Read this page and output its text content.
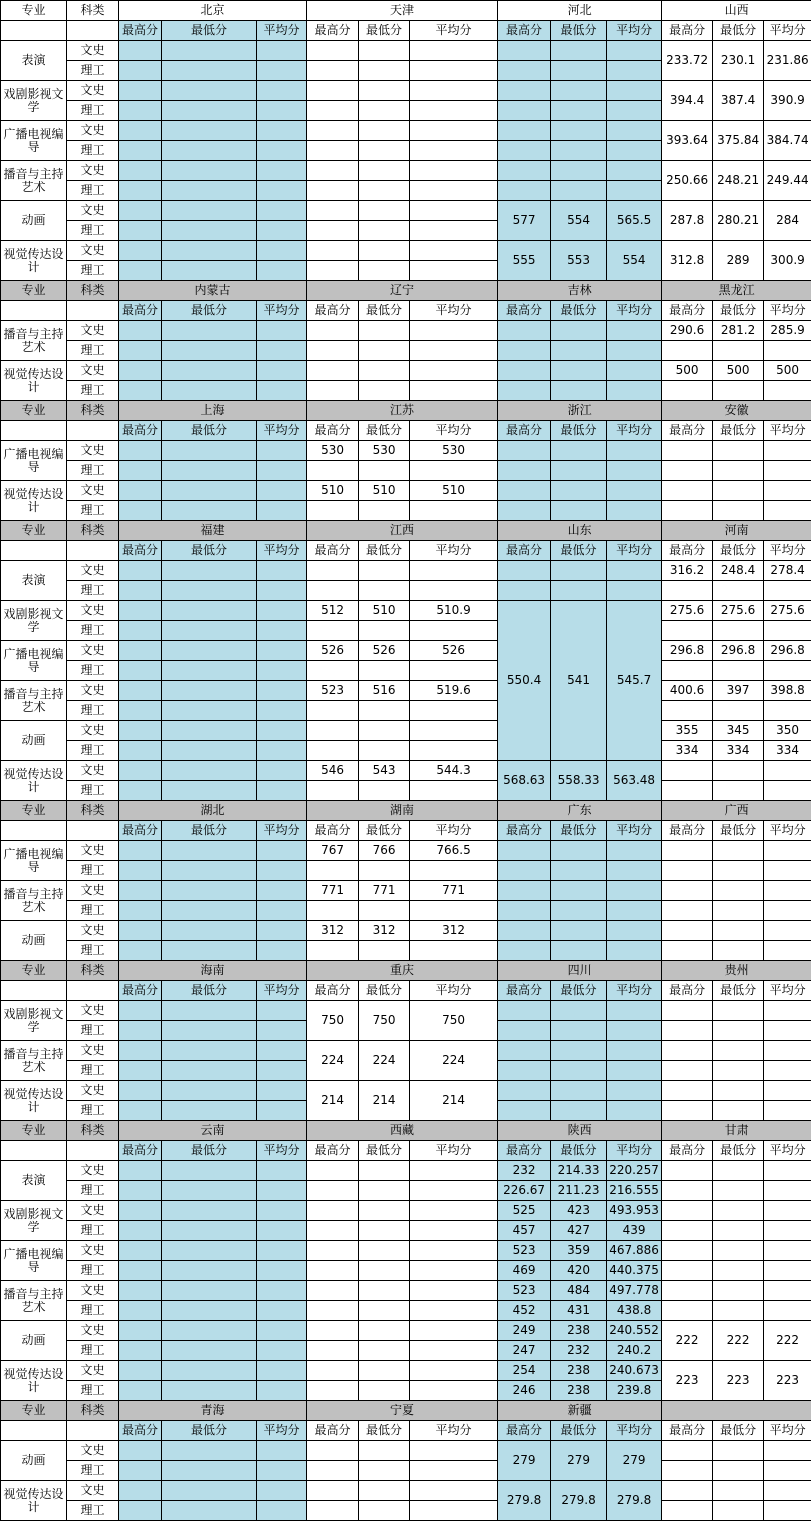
专业	科类	北京			天津			河北			山西		
		最高分	最低分	平均分	最高分	最低分	平均分	最高分	最低分	平均分	最高分	最低分	平均分
表演	文史										233.72	230.1	231.86
	理工												
戏剧影视文学	文史										394.4	387.4	390.9
	理工												
广播电视编导	文史										393.64	375.84	384.74
	理工												
播音与主持艺术	文史										250.66	248.21	249.44
	理工												
动画	文史							577	554	565.5	287.8	280.21	284
	理工												
视觉传达设计	文史							555	553	554	312.8	289	300.9
	理工												
专业	科类	内蒙古			辽宁			吉林			黑龙江		
		最高分	最低分	平均分	最高分	最低分	平均分	最高分	最低分	平均分	最高分	最低分	平均分
播音与主持艺术	文史										290.6	281.2	285.9
	理工												
视觉传达设计	文史										500	500	500
	理工												
专业	科类	上海			江苏			浙江			安徽		
		最高分	最低分	平均分	最高分	最低分	平均分	最高分	最低分	平均分	最高分	最低分	平均分
广播电视编导	文史				530	530	530						
	理工												
视觉传达设计	文史				510	510	510						
	理工												
专业	科类	福建			江西			山东			河南		
		最高分	最低分	平均分	最高分	最低分	平均分	最高分	最低分	平均分	最高分	最低分	平均分
表演	文史										316.2	248.4	278.4
	理工												
戏剧影视文学	文史				512	510	510.9	550.4	541	545.7	275.6	275.6	275.6
	理工												
广播电视编导	文史				526	526	526				296.8	296.8	296.8
	理工												
播音与主持艺术	文史				523	516	519.6				400.6	397	398.8
	理工												
动画	文史										355	345	350
	理工										334	334	334
视觉传达设计	文史				546	543	544.3	568.63	558.33	563.48			
	理工												
专业	科类	湖北			湖南			广东			广西		
		最高分	最低分	平均分	最高分	最低分	平均分	最高分	最低分	平均分	最高分	最低分	平均分
广播电视编导	文史				767	766	766.5						
	理工												
播音与主持艺术	文史				771	771	771						
	理工												
动画	文史				312	312	312						
	理工												
专业	科类	海南			重庆			四川			贵州		
		最高分	最低分	平均分	最高分	最低分	平均分	最高分	最低分	平均分	最高分	最低分	平均分
戏剧影视文学	文史				750	750	750						
	理工												
播音与主持艺术	文史				224	224	224						
	理工												
视觉传达设计	文史				214	214	214						
	理工												
专业	科类	云南			西藏			陕西			甘肃		
		最高分	最低分	平均分	最高分	最低分	平均分	最高分	最低分	平均分	最高分	最低分	平均分
表演	文史							232	214.33	220.257			
	理工							226.67	211.23	216.555			
戏剧影视文学	文史							525	423	493.953			
	理工							457	427	439			
广播电视编导	文史							523	359	467.886			
	理工							469	420	440.375			
播音与主持艺术	文史							523	484	497.778			
	理工							452	431	438.8			
动画	文史							249	238	240.552	222	222	222
	理工							247	232	240.2			
视觉传达设计	文史							254	238	240.673	223	223	223
	理工							246	238	239.8			
专业	科类	青海			宁夏			新疆					
		最高分	最低分	平均分	最高分	最低分	平均分	最高分	最低分	平均分	最高分	最低分	平均分
动画	文史							279	279	279			
	理工												
视觉传达设计	文史							279.8	279.8	279.8			
	理工												
